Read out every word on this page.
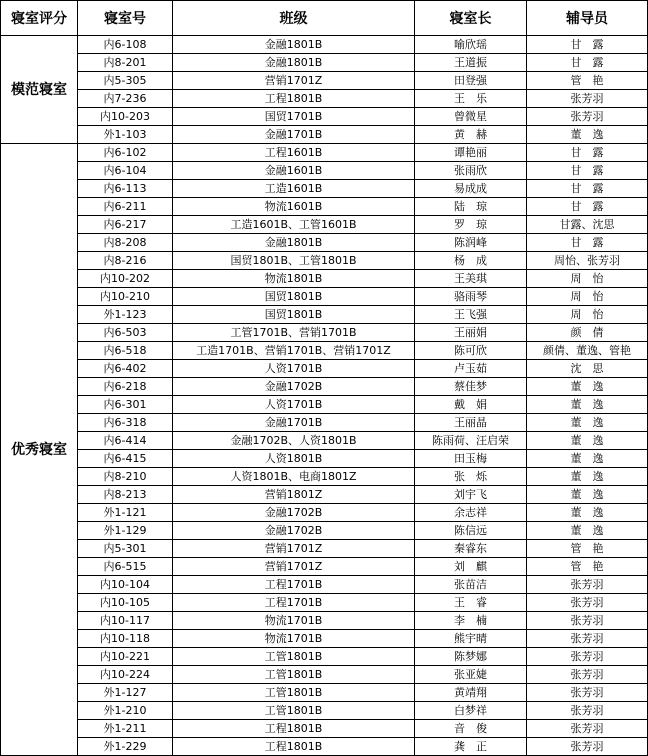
寝室评分	寝室号	班级	寝室长	辅导员
模范寝室	内6-108	金融1801B	喻欣瑶	甘　露
	内8-201	金融1801B	王道振	甘　露
	内5-305	营销1701Z	田登强	管　艳
	内7-236	工程1801B	王　乐	张芳羽
	内10-203	国贸1701B	曾微星	张芳羽
	外1-103	金融1701B	黄　赫	董　逸
优秀寝室	内6-102	工程1601B	谭艳丽	甘　露
	内6-104	金融1601B	张雨欣	甘　露
	内6-113	工造1601B	易成成	甘　露
	内6-211	物流1601B	陆　琼	甘　露
	内6-217	工造1601B、工管1601B	罗　琼	甘露、沈思
	内8-208	金融1801B	陈润峰	甘　露
	内8-216	国贸1801B、工管1801B	杨　成	周怡、张芳羽
	内10-202	物流1801B	王美琪	周　怡
	内10-210	国贸1801B	骆雨琴	周　怡
	外1-123	国贸1801B	王飞强	周　怡
	内6-503	工管1701B、营销1701B	王丽娟	颜　倩
	内6-518	工造1701B、营销1701B、营销1701Z	陈可欣	颜倩、董逸、管艳
	内6-402	人资1701B	卢玉茹	沈　思
	内6-218	金融1702B	蔡佳梦	董　逸
	内6-301	人资1701B	戴　娟	董　逸
	内6-318	金融1701B	王丽晶	董　逸
	内6-414	金融1702B、人资1801B	陈雨荷、汪启荣	董　逸
	内6-415	人资1801B	田玉梅	董　逸
	内8-210	人资1801B、电商1801Z	张　烁	董　逸
	内8-213	营销1801Z	刘宇飞	董　逸
	外1-121	金融1702B	余志祥	董　逸
	外1-129	金融1702B	陈信远	董　逸
	内5-301	营销1701Z	秦睿东	管　艳
	内6-515	营销1701Z	刘　麒	管　艳
	内10-104	工程1701B	张苗洁	张芳羽
	内10-105	工程1701B	王　睿	张芳羽
	内10-117	物流1701B	李　楠	张芳羽
	内10-118	物流1701B	熊宇晴	张芳羽
	内10-221	工管1801B	陈梦娜	张芳羽
	内10-224	工管1801B	张亚婕	张芳羽
	外1-127	工管1801B	黄靖翔	张芳羽
	外1-210	工管1801B	白梦祥	张芳羽
	外1-211	工程1801B	音　俊	张芳羽
	外1-229	工程1801B	龚　正	张芳羽
